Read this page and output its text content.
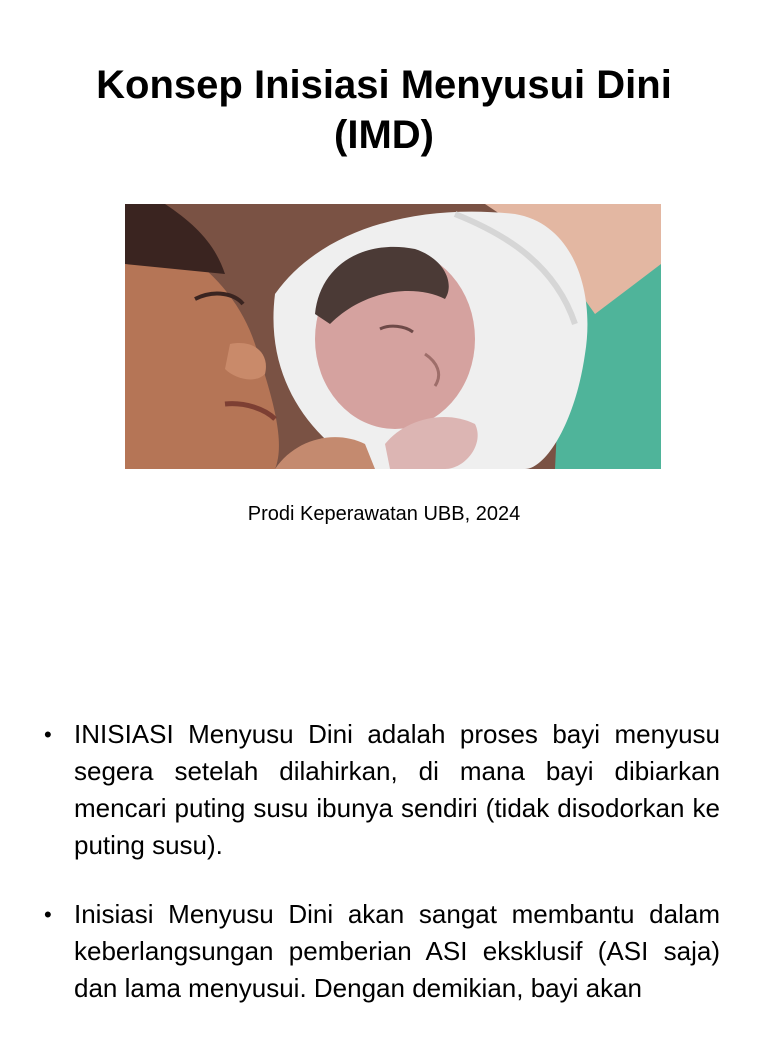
Konsep Inisiasi Menyusui Dini
(IMD)
Prodi Keperawatan UBB, 2024
• INISIASI Menyusu Dini adalah proses bayi menyusu segera setelah dilahirkan, di mana bayi dibiarkan mencari puting susu ibunya sendiri (tidak disodorkan ke puting susu).
• Inisiasi Menyusu Dini akan sangat membantu dalam keberlangsungan pemberian ASI eksklusif (ASI saja) dan lama menyusui. Dengan demikian, bayi akan
